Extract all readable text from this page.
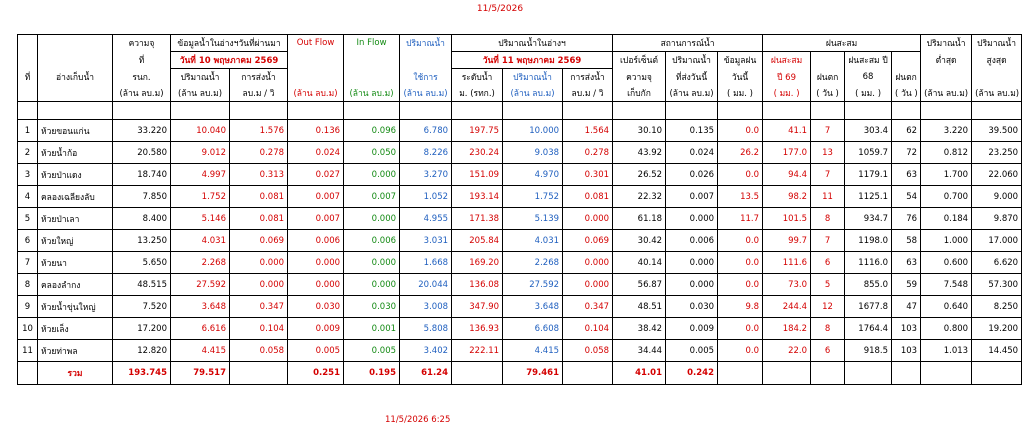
11/5/2026
		ความจุ	ข้อมูลน้ำในอ่างฯวันที่ผ่านมา		Out Flow	In Flow	ปริมาณน้ำ	ปริมาณน้ำในอ่างฯ			สถานการณ์น้ำ			ฝนสะสม				ปริมาณน้ำ	ปริมาณน้ำ
		ที่	วันที่ 10 พฤษภาคม 2569					วันที่ 11 พฤษภาคม 2569			เปอร์เซ็นต์	ปริมาณน้ำ	ข้อมูลฝน	ฝนสะสม		ฝนสะสม ปี		ต่ำสุด	สูงสุด
ที่	อ่างเก็บน้ำ	รนก.	ปริมาณน้ำ	การส่งน้ำ			ใช้การ	ระดับน้ำ	ปริมาณน้ำ	การส่งน้ำ	ความจุ	ที่ส่งวันนี้	วันนี้	ปี 69	ฝนตก	68	ฝนตก		
		(ล้าน ลบ.ม)	(ล้าน ลบ.ม)	ลบ.ม / วิ	(ล้าน ลบ.ม)	(ล้าน ลบ.ม)	(ล้าน ลบ.ม)	ม. (รทก.)	(ล้าน ลบ.ม)	ลบ.ม / วิ	เก็บกัก	(ล้าน ลบ.ม)	( มม. )	( มม. )	( วัน )	( มม. )	( วัน )	(ล้าน ลบ.ม)	(ล้าน ลบ.ม)

1	ห้วยขอนแก่น	33.220	10.040	1.576	0.136	0.096	6.780	197.75	10.000	1.564	30.10	0.135	0.0	41.1	7	303.4	62	3.220	39.500
2	ห้วยน้ำก้อ	20.580	9.012	0.278	0.024	0.050	8.226	230.24	9.038	0.278	43.92	0.024	26.2	177.0	13	1059.7	72	0.812	23.250
3	ห้วยป่าแดง	18.740	4.997	0.313	0.027	0.000	3.270	151.09	4.970	0.301	26.52	0.026	0.0	94.4	7	1179.1	63	1.700	22.060
4	คลองเฉลียงลับ	7.850	1.752	0.081	0.007	0.007	1.052	193.14	1.752	0.081	22.32	0.007	13.5	98.2	11	1125.1	54	0.700	9.000
5	ห้วยป่าเลา	8.400	5.146	0.081	0.007	0.000	4.955	171.38	5.139	0.000	61.18	0.000	11.7	101.5	8	934.7	76	0.184	9.870
6	ห้วยใหญ่	13.250	4.031	0.069	0.006	0.006	3.031	205.84	4.031	0.069	30.42	0.006	0.0	99.7	7	1198.0	58	1.000	17.000
7	ห้วยนา	5.650	2.268	0.000	0.000	0.000	1.668	169.20	2.268	0.000	40.14	0.000	0.0	111.6	6	1116.0	63	0.600	6.620
8	คลองลำกง	48.515	27.592	0.000	0.000	0.000	20.044	136.08	27.592	0.000	56.87	0.000	0.0	73.0	5	855.0	59	7.548	57.300
9	ห้วยน้ำขุ่นใหญ่	7.520	3.648	0.347	0.030	0.030	3.008	347.90	3.648	0.347	48.51	0.030	9.8	244.4	12	1677.8	47	0.640	8.250
10	ห้วยเล็ง	17.200	6.616	0.104	0.009	0.001	5.808	136.93	6.608	0.104	38.42	0.009	0.0	184.2	8	1764.4	103	0.800	19.200
11	ห้วยท่าพล	12.820	4.415	0.058	0.005	0.005	3.402	222.11	4.415	0.058	34.44	0.005	0.0	22.0	6	918.5	103	1.013	14.450
	รวม	193.745	79.517		0.251	0.195	61.24		79.461		41.01	0.242							
11/5/2026 6:25
